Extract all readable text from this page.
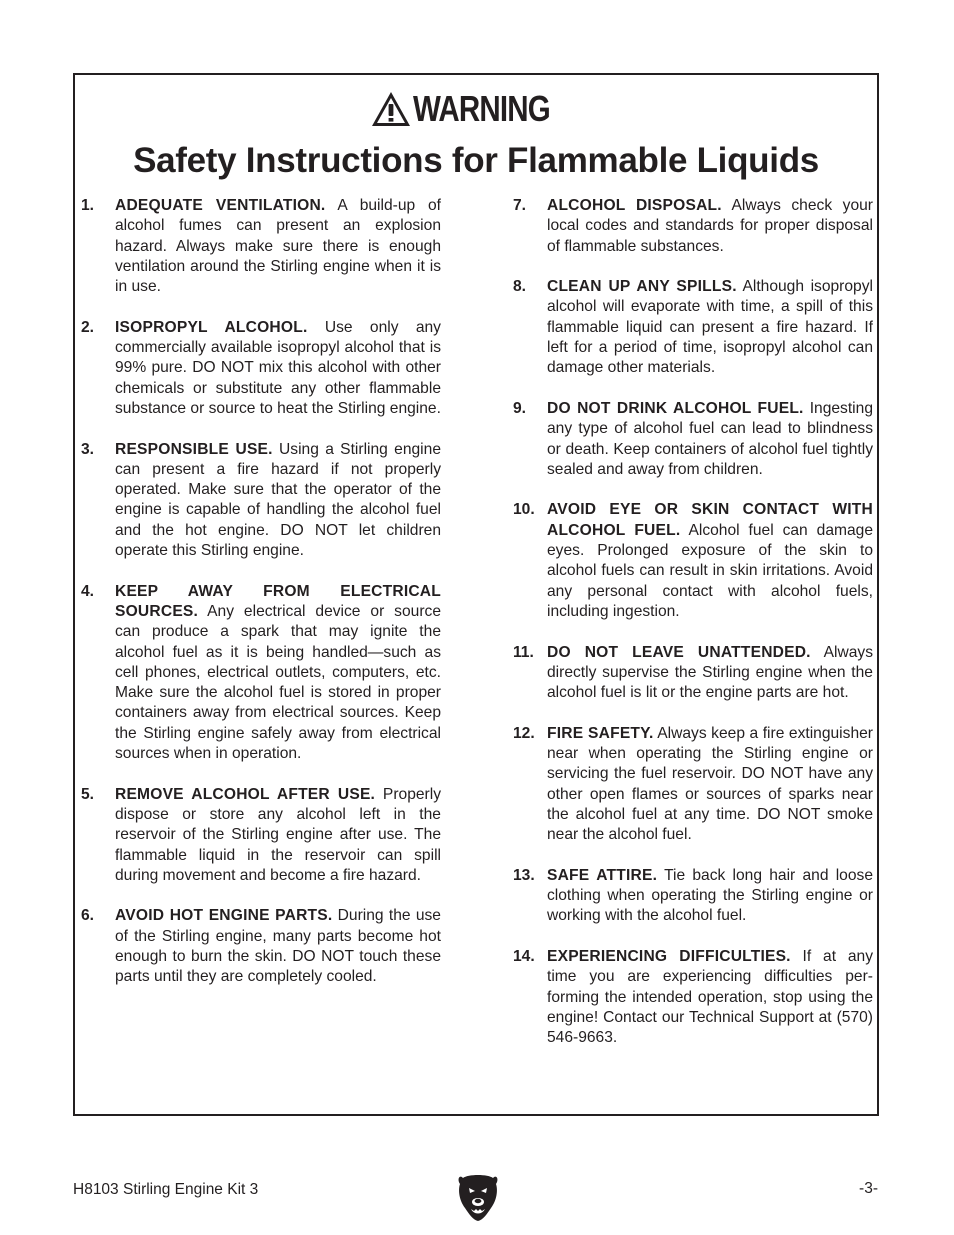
WARNING
Safety Instructions for Flammable Liquids
1.	ADEQUATE VENTILATION. A build-up of alcohol fumes can present an explosion hazard. Always make sure there is enough ventilation around the Stirling engine when it is in use.
2.	ISOPROPYL ALCOHOL. Use only any commercially available isopropyl alcohol that is 99% pure. DO NOT mix this alcohol with other chemicals or substitute any other flammable substance or source to heat the Stirling engine.
3.	RESPONSIBLE USE. Using a Stirling engine can present a fire hazard if not properly operated. Make sure that the operator of the engine is capable of handling the alcohol fuel and the hot engine. DO NOT let children operate this Stirling engine.
4.	KEEP AWAY FROM ELECTRICAL SOURCES. Any electrical device or source can produce a spark that may ignite the alcohol fuel as it is being handled—such as cell phones, electrical outlets, computers, etc. Make sure the alcohol fuel is stored in proper containers away from electrical sources. Keep the Stirling engine safely away from electrical sources when in operation.
5.	REMOVE ALCOHOL AFTER USE. Properly dispose or store any alcohol left in the reservoir of the Stirling engine after use. The flammable liquid in the reservoir can spill during movement and become a fire hazard.
6.	AVOID HOT ENGINE PARTS. During the use of the Stirling engine, many parts become hot enough to burn the skin. DO NOT touch these parts until they are completely cooled.
7.	ALCOHOL DISPOSAL. Always check your local codes and standards for proper disposal of flammable substances.
8.	CLEAN UP ANY SPILLS. Although isopropyl alcohol will evaporate with time, a spill of this flammable liquid can present a fire hazard. If left for a period of time, isopropyl alcohol can damage other materials.
9.	DO NOT DRINK ALCOHOL FUEL. Ingesting any type of alcohol fuel can lead to blindness or death. Keep containers of alcohol fuel tightly sealed and away from children.
10. AVOID EYE OR SKIN CONTACT WITH ALCOHOL FUEL. Alcohol fuel can damage eyes. Prolonged exposure of the skin to alcohol fuels can result in skin irritations. Avoid any personal contact with alcohol fuels, including ingestion.
11. DO NOT LEAVE UNATTENDED. Always directly supervise the Stirling engine when the alcohol fuel is lit or the engine parts are hot.
12. FIRE SAFETY. Always keep a fire extinguisher near when operating the Stirling engine or servicing the fuel reservoir. DO NOT have any other open flames or sources of sparks near the alcohol fuel at any time. DO NOT smoke near the alcohol fuel.
13. SAFE ATTIRE. Tie back long hair and loose clothing when operating the Stirling engine or working with the alcohol fuel.
14. EXPERIENCING DIFFICULTIES. If at any time you are experiencing difficulties performing the intended operation, stop using the engine! Contact our Technical Support at (570) 546-9663.
H8103 Stirling Engine Kit 3	-3-
